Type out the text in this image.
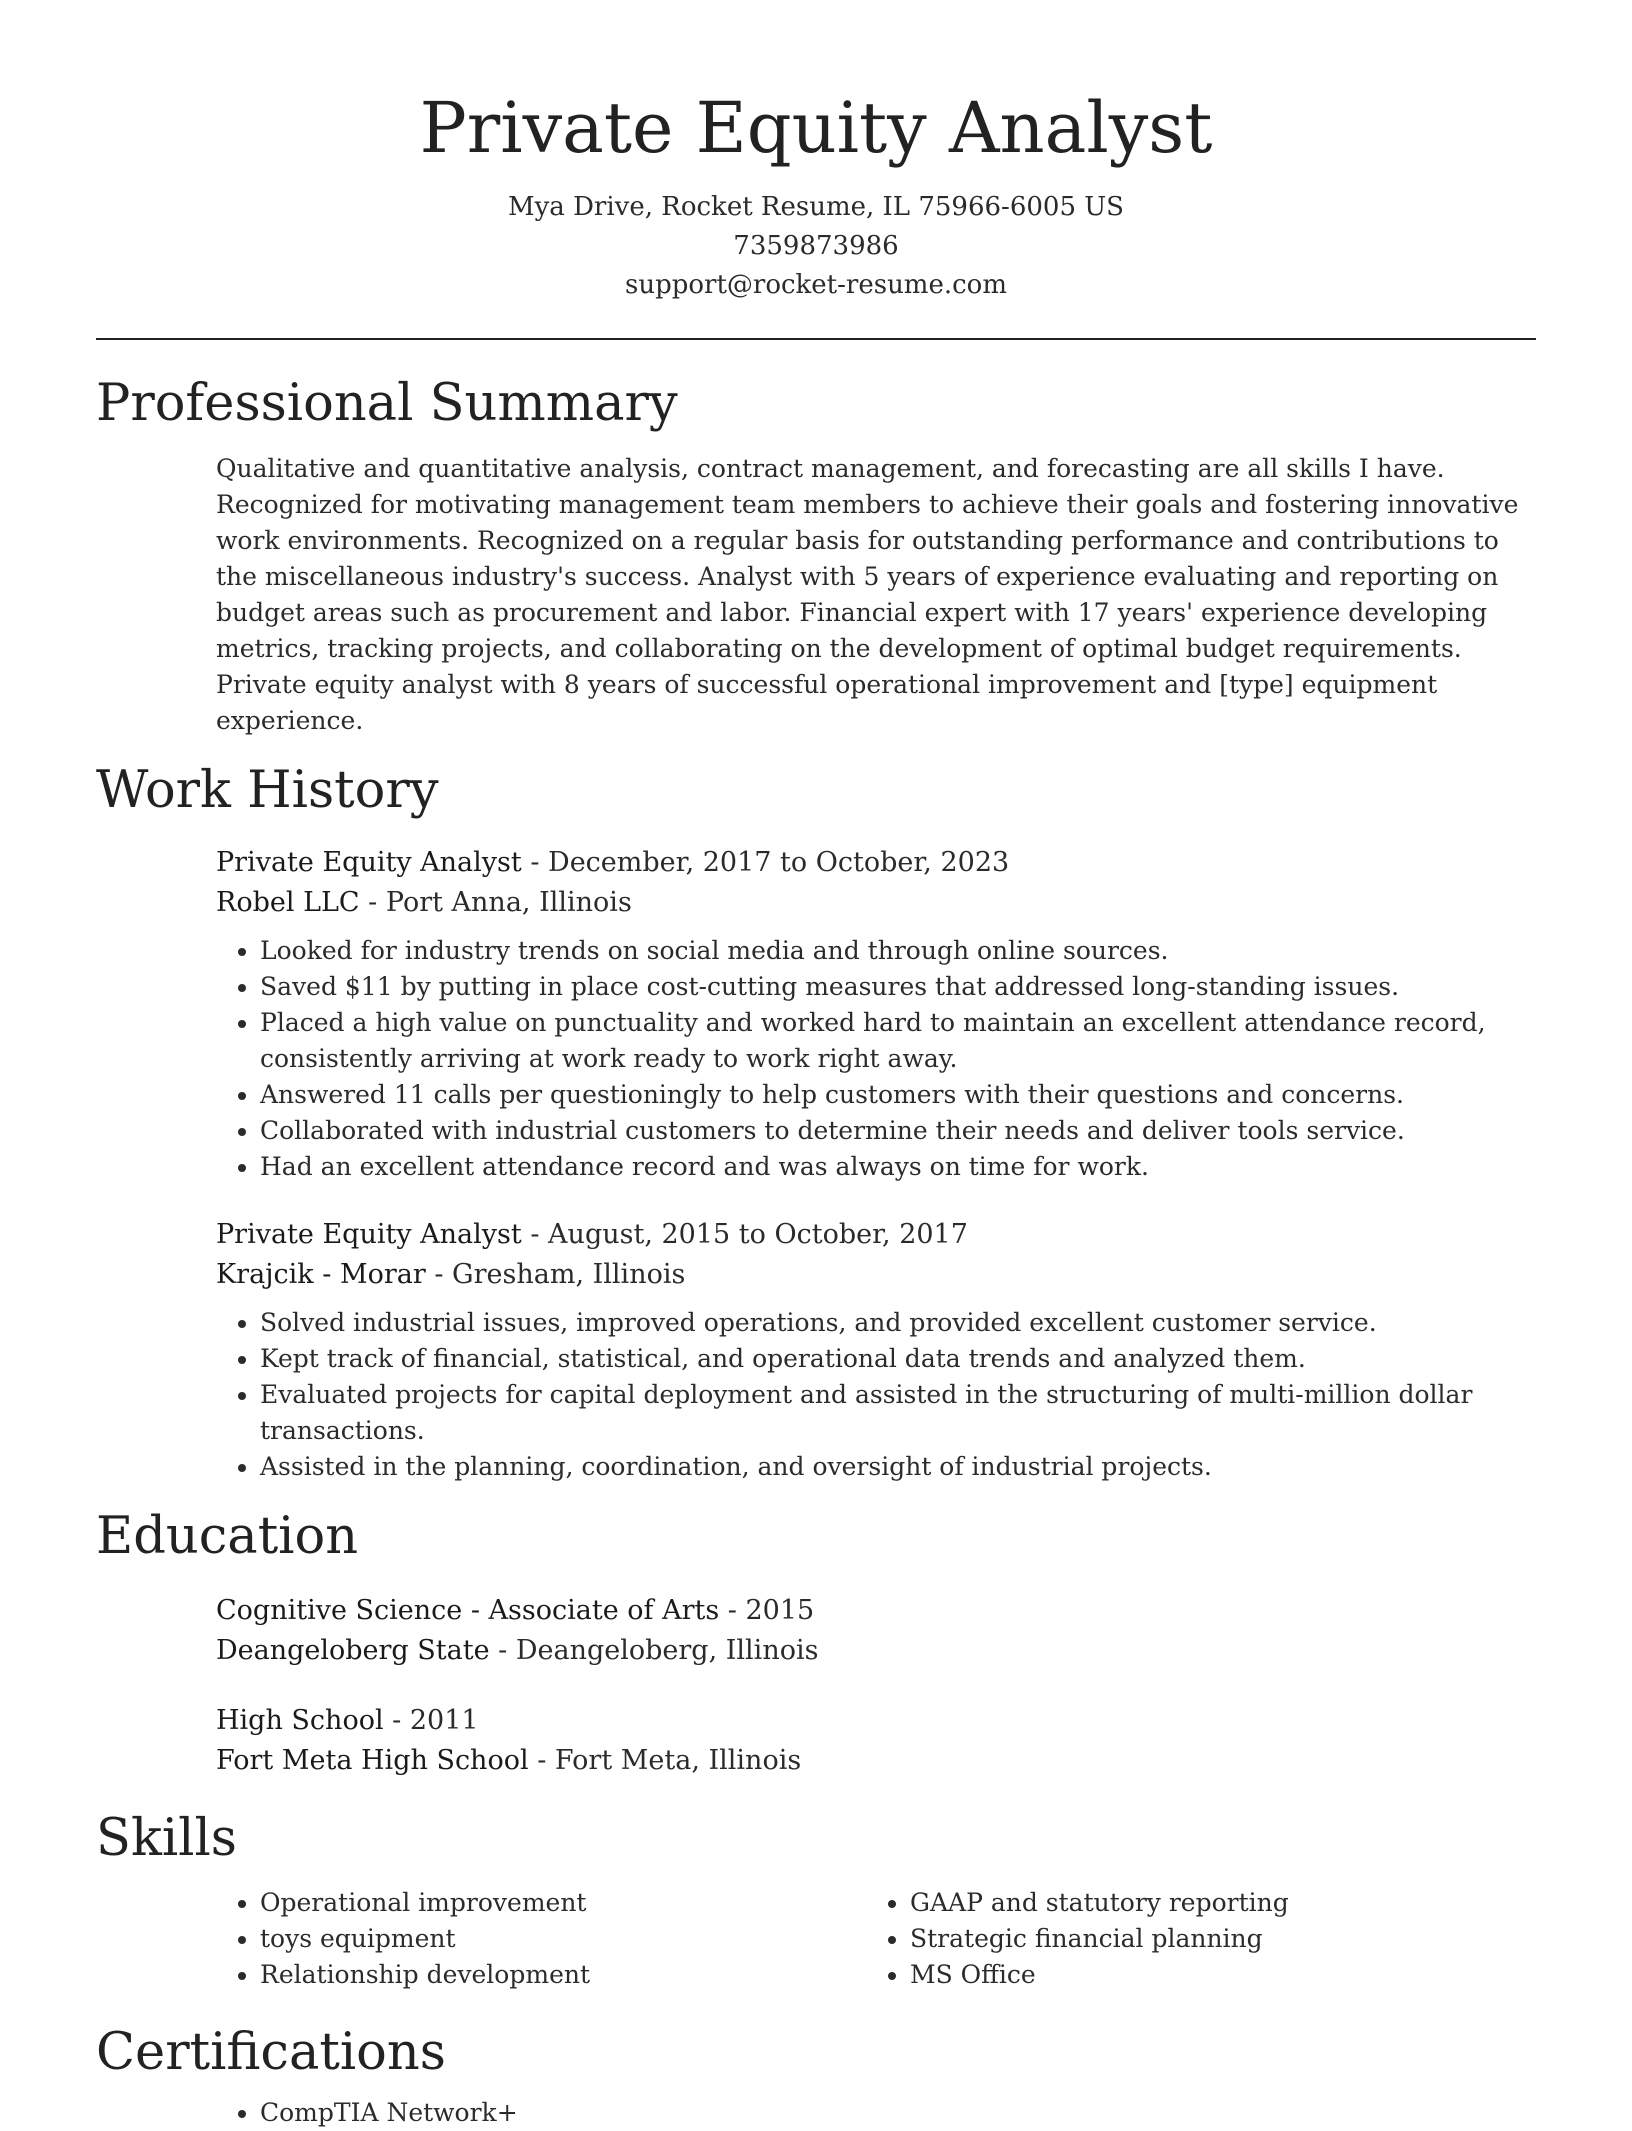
Private Equity Analyst
Mya Drive, Rocket Resume, IL 75966-6005 US
7359873986
support@rocket-resume.com
Professional Summary
Qualitative and quantitative analysis, contract management, and forecasting are all skills I have. Recognized for motivating management team members to achieve their goals and fostering innovative work environments. Recognized on a regular basis for outstanding performance and contributions to the miscellaneous industry's success. Analyst with 5 years of experience evaluating and reporting on budget areas such as procurement and labor. Financial expert with 17 years' experience developing metrics, tracking projects, and collaborating on the development of optimal budget requirements. Private equity analyst with 8 years of successful operational improvement and [type] equipment experience.
Work History
Private Equity Analyst - December, 2017 to October, 2023
Robel LLC - Port Anna, Illinois
• Looked for industry trends on social media and through online sources.
• Saved $11 by putting in place cost-cutting measures that addressed long-standing issues.
• Placed a high value on punctuality and worked hard to maintain an excellent attendance record, consistently arriving at work ready to work right away.
• Answered 11 calls per questioningly to help customers with their questions and concerns.
• Collaborated with industrial customers to determine their needs and deliver tools service.
• Had an excellent attendance record and was always on time for work.
Private Equity Analyst - August, 2015 to October, 2017
Krajcik - Morar - Gresham, Illinois
• Solved industrial issues, improved operations, and provided excellent customer service.
• Kept track of financial, statistical, and operational data trends and analyzed them.
• Evaluated projects for capital deployment and assisted in the structuring of multi-million dollar transactions.
• Assisted in the planning, coordination, and oversight of industrial projects.
Education
Cognitive Science - Associate of Arts - 2015
Deangeloberg State - Deangeloberg, Illinois
High School - 2011
Fort Meta High School - Fort Meta, Illinois
Skills
• Operational improvement
• toys equipment
• Relationship development
• GAAP and statutory reporting
• Strategic financial planning
• MS Office
Certifications
• CompTIA Network+
